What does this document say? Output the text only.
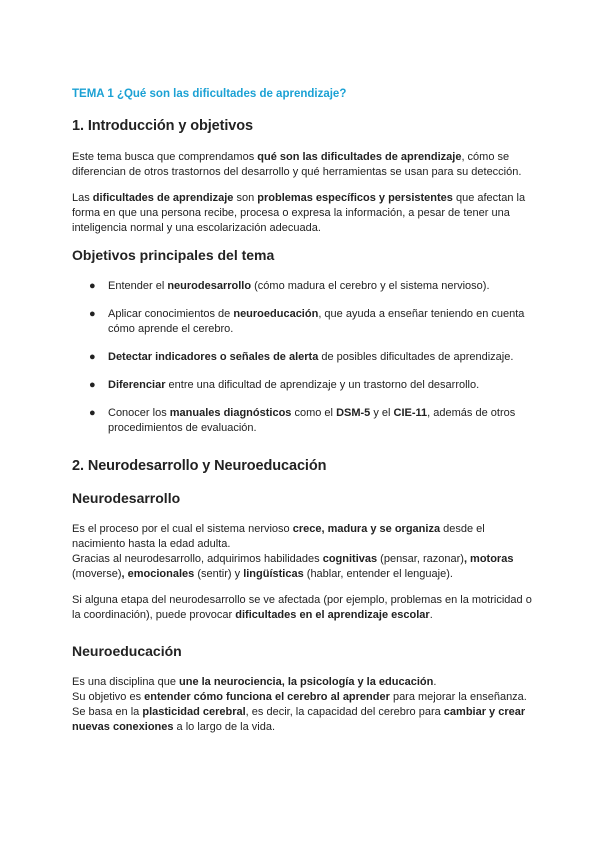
TEMA 1 ¿Qué son las dificultades de aprendizaje?
1. Introducción y objetivos

Este tema busca que comprendamos qué son las dificultades de aprendizaje, cómo se diferencian de otros trastornos del desarrollo y qué herramientas se usan para su detección.

Las dificultades de aprendizaje son problemas específicos y persistentes que afectan la forma en que una persona recibe, procesa o expresa la información, a pesar de tener una inteligencia normal y una escolarización adecuada.

Objetivos principales del tema
● Entender el neurodesarrollo (cómo madura el cerebro y el sistema nervioso).
● Aplicar conocimientos de neuroeducación, que ayuda a enseñar teniendo en cuenta cómo aprende el cerebro.
● Detectar indicadores o señales de alerta de posibles dificultades de aprendizaje.
● Diferenciar entre una dificultad de aprendizaje y un trastorno del desarrollo.
● Conocer los manuales diagnósticos como el DSM-5 y el CIE-11, además de otros procedimientos de evaluación.
2. Neurodesarrollo y Neuroeducación
Neurodesarrollo

Es el proceso por el cual el sistema nervioso crece, madura y se organiza desde el nacimiento hasta la edad adulta.
Gracias al neurodesarrollo, adquirimos habilidades cognitivas (pensar, razonar), motoras (moverse), emocionales (sentir) y lingüísticas (hablar, entender el lenguaje).

Si alguna etapa del neurodesarrollo se ve afectada (por ejemplo, problemas en la motricidad o la coordinación), puede provocar dificultades en el aprendizaje escolar.

Neuroeducación

Es una disciplina que une la neurociencia, la psicología y la educación.
Su objetivo es entender cómo funciona el cerebro al aprender para mejorar la enseñanza.
Se basa en la plasticidad cerebral, es decir, la capacidad del cerebro para cambiar y crear nuevas conexiones a lo largo de la vida.
